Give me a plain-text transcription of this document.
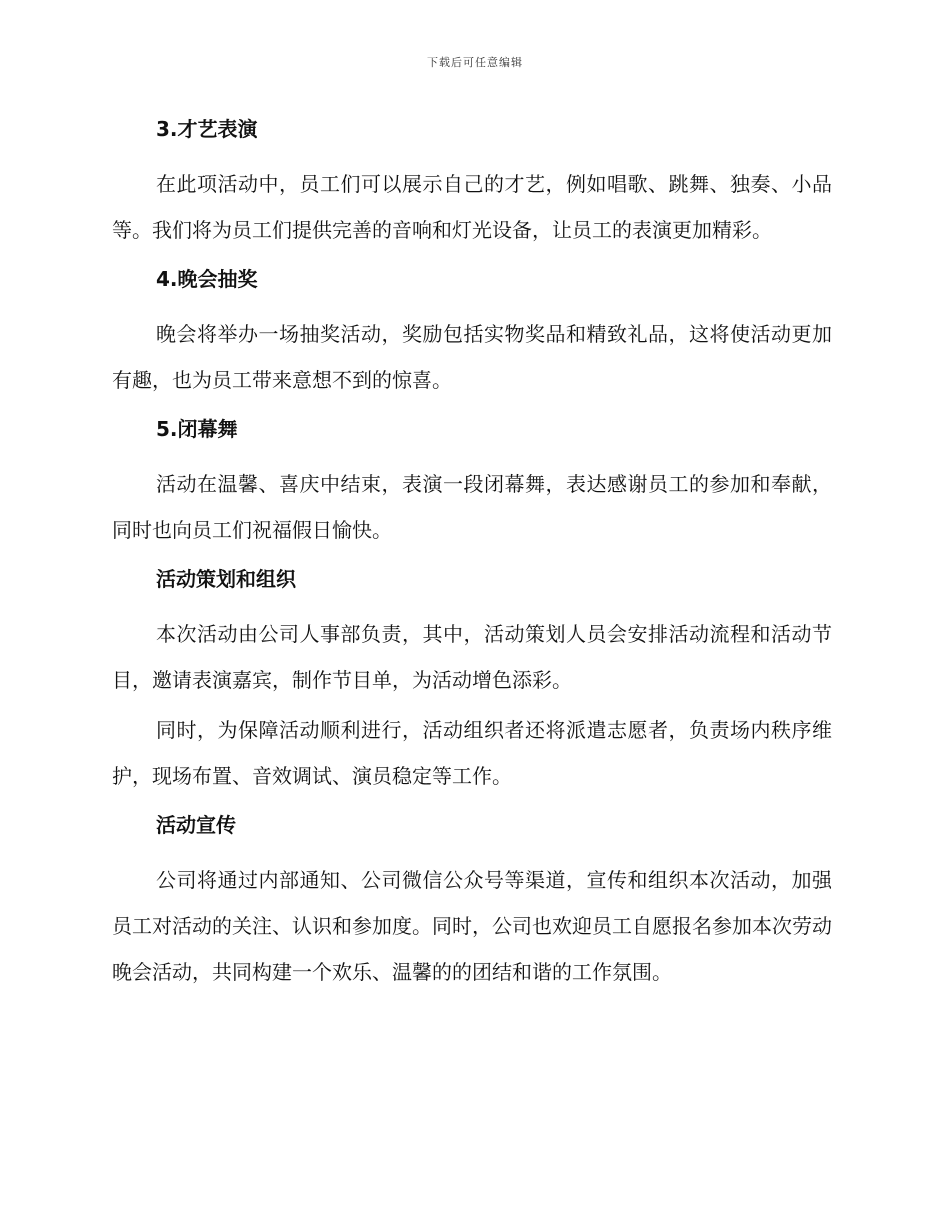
下载后可任意编辑
3.才艺表演

在此项活动中，员工们可以展示自己的才艺，例如唱歌、跳舞、独奏、小品等。我们将为员工们提供完善的音响和灯光设备，让员工的表演更加精彩。

4.晚会抽奖

晚会将举办一场抽奖活动，奖励包括实物奖品和精致礼品，这将使活动更加有趣，也为员工带来意想不到的惊喜。

5.闭幕舞

活动在温馨、喜庆中结束，表演一段闭幕舞，表达感谢员工的参加和奉献，同时也向员工们祝福假日愉快。

活动策划和组织

本次活动由公司人事部负责，其中，活动策划人员会安排活动流程和活动节目，邀请表演嘉宾，制作节目单，为活动增色添彩。

同时，为保障活动顺利进行，活动组织者还将派遣志愿者，负责场内秩序维护，现场布置、音效调试、演员稳定等工作。

活动宣传

公司将通过内部通知、公司微信公众号等渠道，宣传和组织本次活动，加强员工对活动的关注、认识和参加度。同时，公司也欢迎员工自愿报名参加本次劳动晚会活动，共同构建一个欢乐、温馨的的团结和谐的工作氛围。
